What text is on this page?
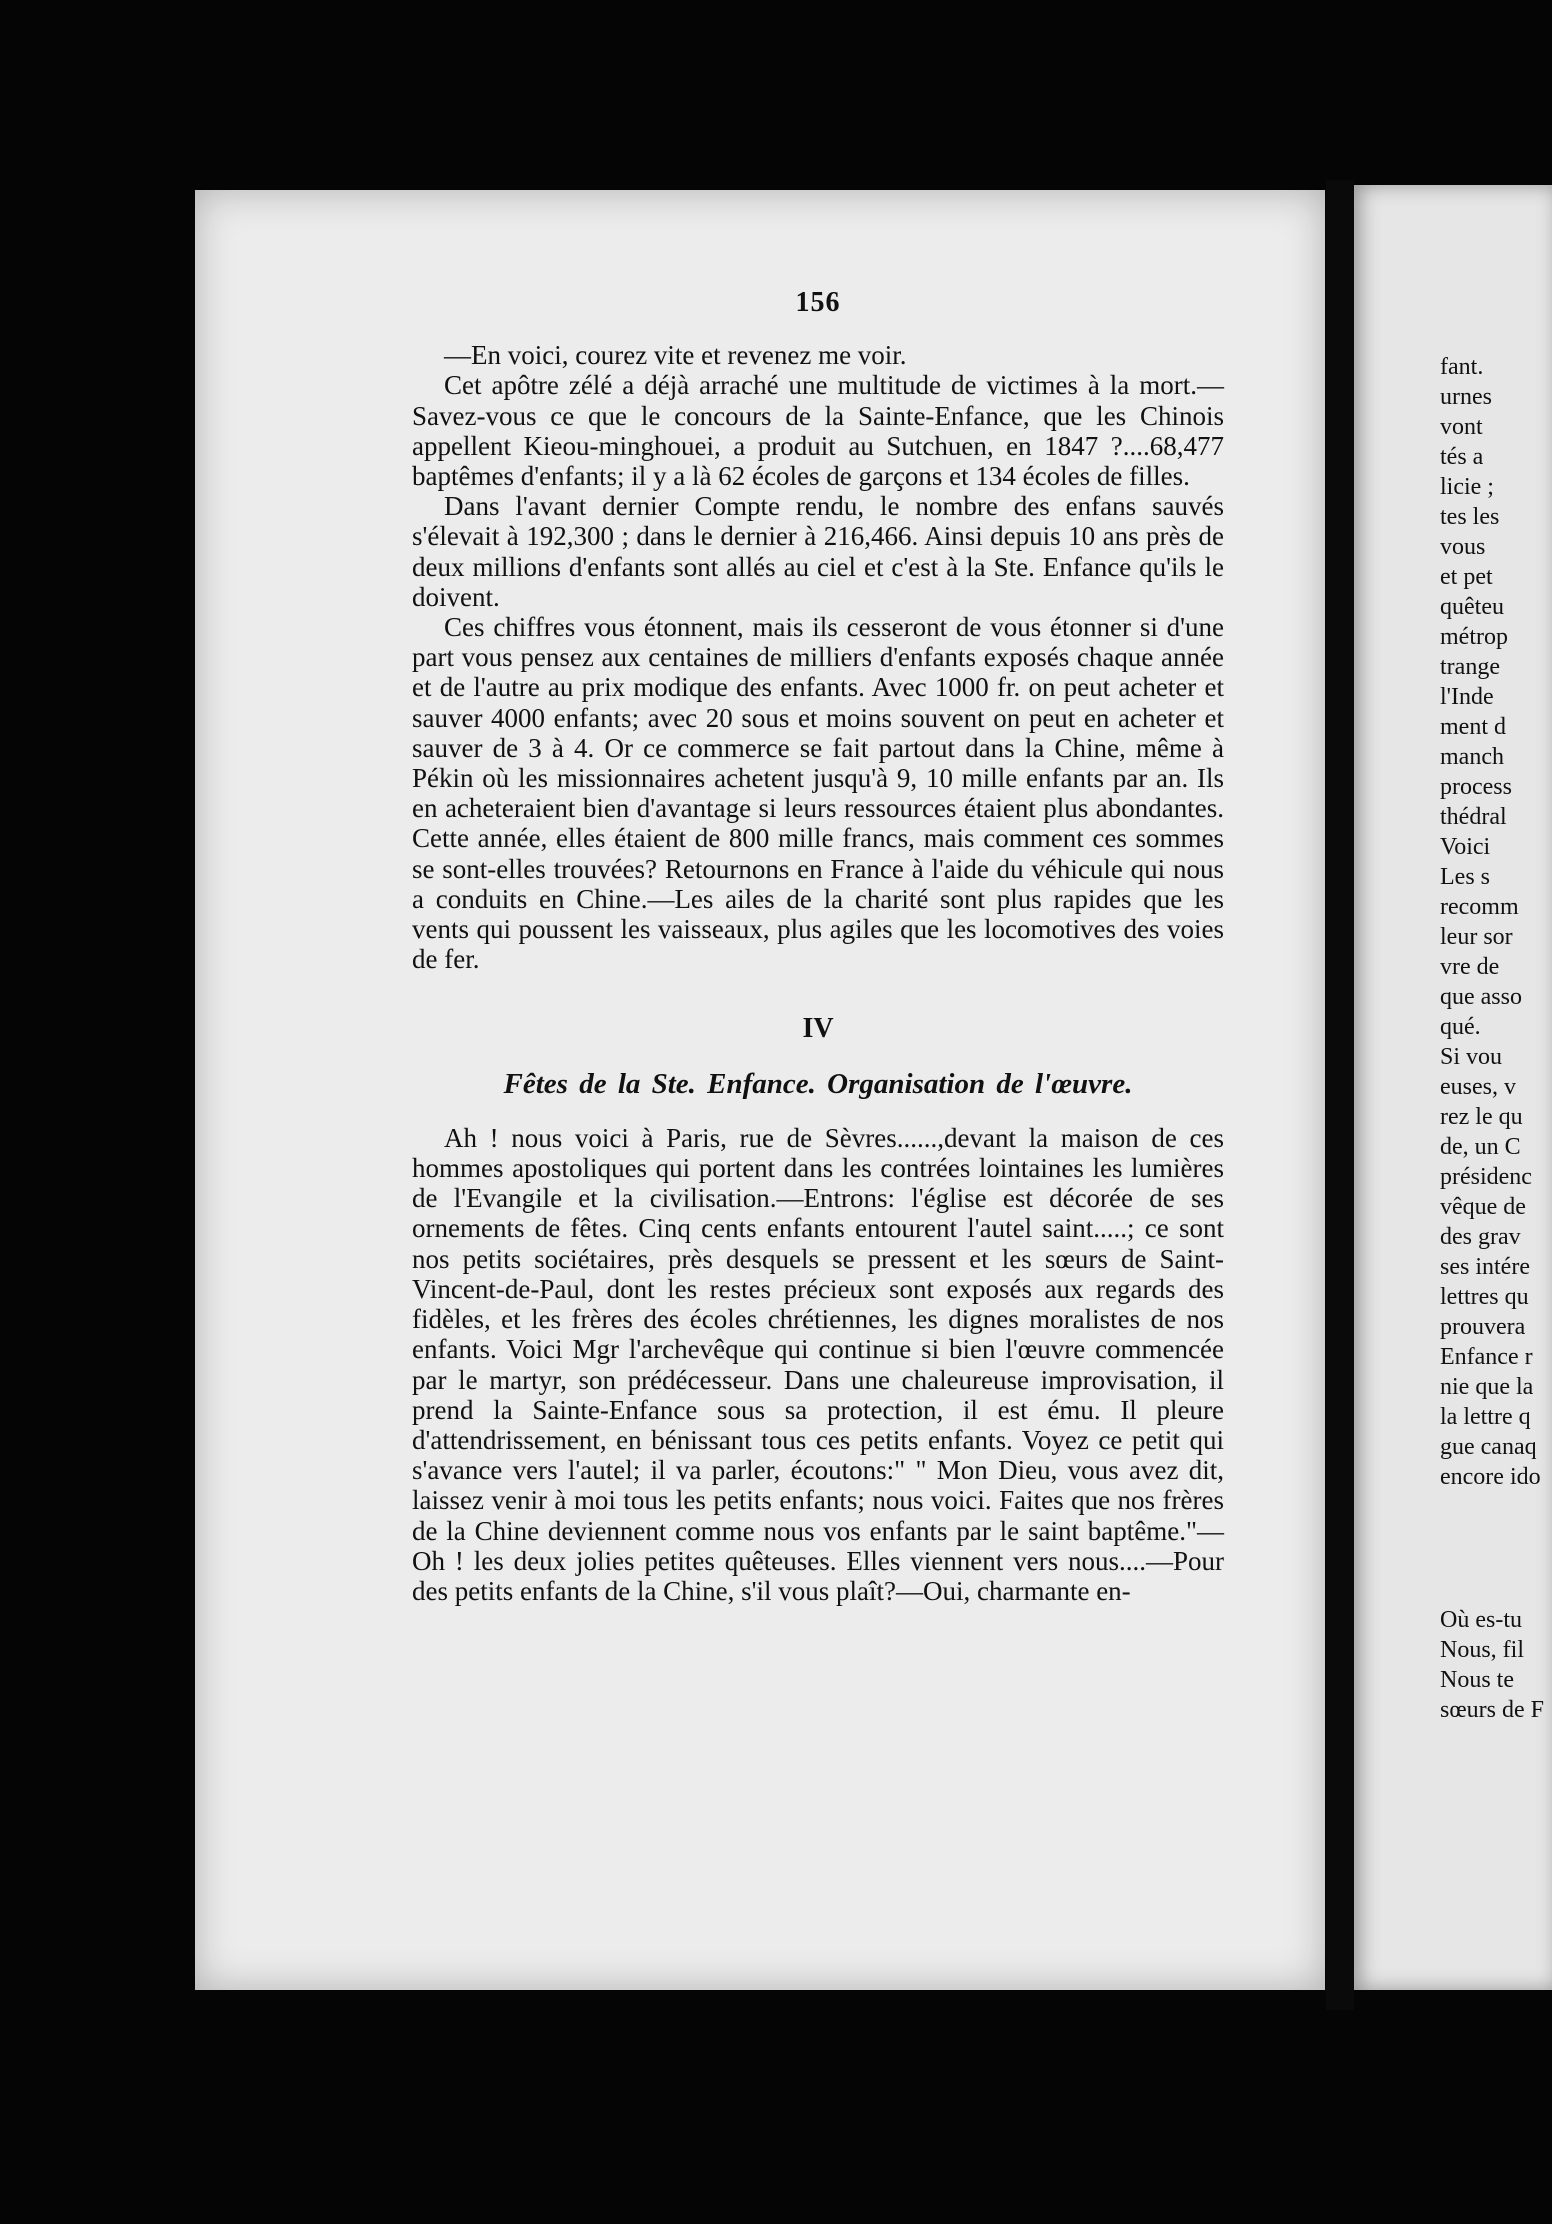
156

—En voici, courez vite et revenez me voir.

Cet apôtre zélé a déjà arraché une multitude de victimes à la mort.—Savez-vous ce que le concours de la Sainte-Enfance, que les Chinois appellent Kieou-minghouei, a produit au Sutchuen, en 1847 ?....68,477 baptêmes d'enfants; il y a là 62 écoles de garçons et 134 écoles de filles.

Dans l'avant dernier Compte rendu, le nombre des enfans sauvés s'élevait à 192,300 ; dans le dernier à 216,466. Ainsi depuis 10 ans près de deux millions d'enfants sont allés au ciel et c'est à la Ste. Enfance qu'ils le doivent.

Ces chiffres vous étonnent, mais ils cesseront de vous étonner si d'une part vous pensez aux centaines de milliers d'enfants exposés chaque année et de l'autre au prix modique des enfants. Avec 1000 fr. on peut acheter et sauver 4000 enfants; avec 20 sous et moins souvent on peut en acheter et sauver de 3 à 4. Or ce commerce se fait partout dans la Chine, même à Pékin où les missionnaires achetent jusqu'à 9, 10 mille enfants par an. Ils en acheteraient bien d'avantage si leurs ressources étaient plus abondantes. Cette année, elles étaient de 800 mille francs, mais comment ces sommes se sont-elles trouvées? Retournons en France à l'aide du véhicule qui nous a conduits en Chine.—Les ailes de la charité sont plus rapides que les vents qui poussent les vaisseaux, plus agiles que les locomotives des voies de fer.

IV
Fêtes de la Ste. Enfance. Organisation de l'œuvre.

Ah ! nous voici à Paris, rue de Sèvres......,devant la maison de ces hommes apostoliques qui portent dans les contrées lointaines les lumières de l'Evangile et la civilisation.—Entrons: l'église est décorée de ses ornements de fêtes. Cinq cents enfants entourent l'autel saint.....; ce sont nos petits sociétaires, près desquels se pressent et les sœurs de Saint-Vincent-de-Paul, dont les restes précieux sont exposés aux regards des fidèles, et les frères des écoles chrétiennes, les dignes moralistes de nos enfants. Voici Mgr l'archevêque qui continue si bien l'œuvre commencée par le martyr, son prédécesseur. Dans une chaleureuse improvisation, il prend la Sainte-Enfance sous sa protection, il est ému. Il pleure d'attendrissement, en bénissant tous ces petits enfants. Voyez ce petit qui s'avance vers l'autel; il va parler, écoutons:" " Mon Dieu, vous avez dit, laissez venir à moi tous les petits enfants; nous voici. Faites que nos frères de la Chine deviennent comme nous vos enfants par le saint baptême."—Oh ! les deux jolies petites quêteuses. Elles viennent vers nous....—Pour des petits enfants de la Chine, s'il vous plaît?—Oui, charmante en-

fant.
urnes
vont
tés a
licie ;
tes les
vous
et pet
quêteu
métrop
trange
l'Inde
ment d
manch
process
thédral
Voici
Les s
recomm
leur sor
vre de
que asso
qué.
Si vou
euses, v
rez le qu
de, un C
présidenc
vêque de
des grav
ses intére
lettres qu
prouvera
Enfance r
nie que la
la lettre q
gue canaq
encore ido
Où es-tu
Nous, fil
Nous te
sœurs de F
